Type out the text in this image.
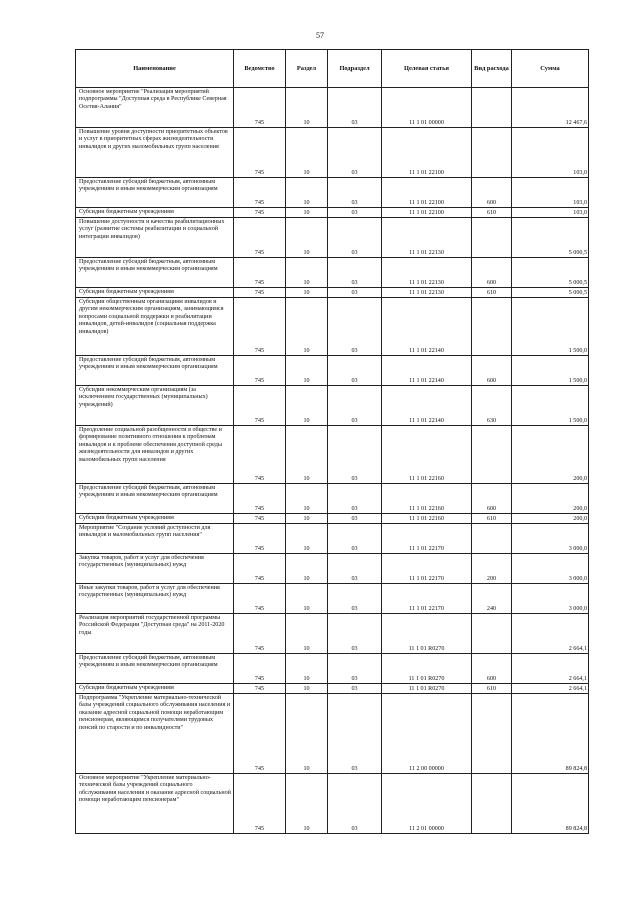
57
Наименование	Ведомство	Раздел	Подраздел	Целевая статья	Вид расхода	Сумма
Основное мероприятие "Реализация мероприятий подпрограммы "Доступная среда в Республике Северная Осетия-Алания"	745	10	03	11 1 01 00000		12 467,6
Повышение уровня доступности приоритетных объектов и услуг в приоритетных сферах жизнедеятельности инвалидов и других маломобильных групп населения	745	10	03	11 1 01 22100		103,0
Предоставление субсидий бюджетным, автономным учреждениям и иным некоммерческим организациям	745	10	03	11 1 01 22100	600	103,0
Субсидии бюджетным учреждениям	745	10	03	11 1 01 22100	610	103,0
Повышение доступности и качества реабилитационных услуг (развитие системы реабилитации и социальной интеграции инвалидов)	745	10	03	11 1 01 22130		5 000,5
Предоставление субсидий бюджетным, автономным учреждениям и иным некоммерческим организациям	745	10	03	11 1 01 22130	600	5 000,5
Субсидии бюджетным учреждениям	745	10	03	11 1 01 22130	610	5 000,5
Субсидии общественным организациям инвалидов и другим некоммерческим организациям, занимающимся вопросами социальной поддержки и реабилитации инвалидов, детей-инвалидов (социальная поддержка инвалидов)	745	10	03	11 1 01 22140		1 500,0
Предоставление субсидий бюджетным, автономным учреждениям и иным некоммерческим организациям	745	10	03	11 1 01 22140	600	1 500,0
Субсидии некоммерческим организациям (за исключением государственных (муниципальных) учреждений)	745	10	03	11 1 01 22140	630	1 500,0
Преодоление социальной разобщенности в обществе и формирование позитивного отношения к проблемам инвалидов и к проблеме обеспечения доступной среды жизнедеятельности для инвалидов и других маломобильных групп населения	745	10	03	11 1 01 22160		200,0
Предоставление субсидий бюджетным, автономным учреждениям и иным некоммерческим организациям	745	10	03	11 1 01 22160	600	200,0
Субсидии бюджетным учреждениям	745	10	03	11 1 01 22160	610	200,0
Мероприятие "Создание условий доступности для инвалидов и маломобильных групп населения"	745	10	03	11 1 01 22170		3 000,0
Закупка товаров, работ и услуг для обеспечения государственных (муниципальных) нужд	745	10	03	11 1 01 22170	200	3 000,0
Иные закупки товаров, работ и услуг для обеспечения государственных (муниципальных) нужд	745	10	03	11 1 01 22170	240	3 000,0
Реализация мероприятий государственной программы Российской Федерации "Доступная среда" на 2011-2020 годы	745	10	03	11 1 01 R0270		2 664,1
Предоставление субсидий бюджетным, автономным учреждениям и иным некоммерческим организациям	745	10	03	11 1 01 R0270	600	2 664,1
Субсидии бюджетным учреждениям	745	10	03	11 1 01 R0270	610	2 664,1
Подпрограмма "Укрепление материально-технической базы учреждений социального обслуживания населения и оказание адресной социальной помощи неработающим пенсионерам, являющимся получателями трудовых пенсий по старости и по инвалидности"	745	10	03	11 2 00 00000		89 824,8
Основное мероприятие "Укрепление материально-технической базы учреждений социального обслуживания населения и оказание адресной социальной помощи неработающим пенсионерам"	745	10	03	11 2 01 00000		89 824,8
